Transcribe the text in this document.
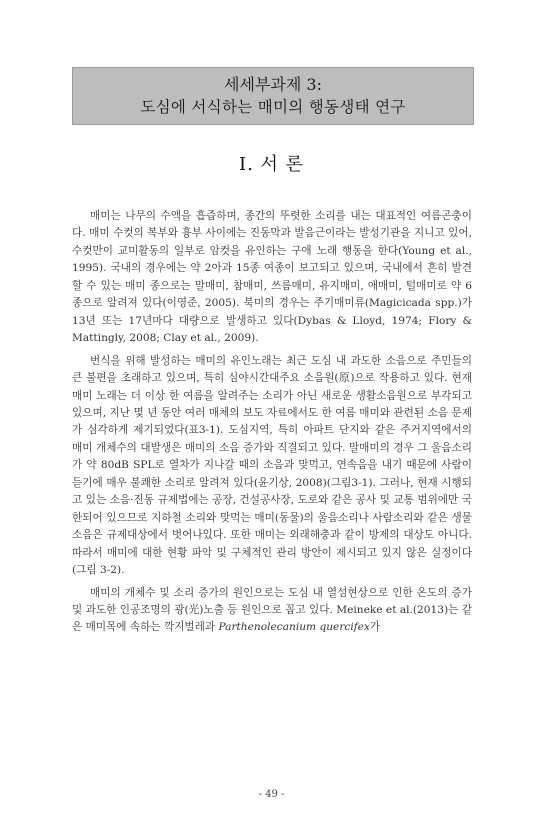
세세부과제 3:
도심에 서식하는 매미의 행동생태 연구
Ⅰ. 서 론

매미는 나무의 수액을 흡즙하며, 종간의 뚜렷한 소리를 내는 대표적인 여름곤충이다. 매미 수컷의 복부와 흉부 사이에는 진동막과 발음근이라는 발성기관을 지니고 있어, 수컷만이 교미활동의 일부로 암컷을 유인하는 구애 노래 행동을 한다(Young et al., 1995). 국내의 경우에는 약 2아과 15종 여종이 보고되고 있으며, 국내에서 흔히 발견할 수 있는 매미 종으로는 말매미, 참매미, 쓰름매미, 유지매미, 애매미, 털매미로 약 6종으로 알려져 있다(이영준, 2005). 북미의 경우는 주기매미류(Magicicada spp.)가 13년 또는 17년마다 대량으로 발생하고 있다(Dybas & Lloyd, 1974; Flory & Mattingly, 2008; Clay et al., 2009).

번식을 위해 발성하는 매미의 유인노래는 최근 도심 내 과도한 소음으로 주민들의 큰 불편을 초래하고 있으며, 특히 심야시간대주요 소음원(原)으로 작용하고 있다. 현재 매미 노래는 더 이상 한 여름을 알려주는 소리가 아닌 새로운 생활소음원으로 부각되고 있으며, 지난 몇 년 동안 여러 매체의 보도 자료에서도 한 여름 매미와 관련된 소음 문제가 심각하게 제기되었다(표3-1). 도심지역, 특히 아파트 단지와 같은 주거지역에서의 매미 개체수의 대발생은 매미의 소음 증가와 직결되고 있다. 말매미의 경우 그 울음소리가 약 80dB SPL로 열차가 지나갈 때의 소음과 맞먹고, 연속음을 내기 때문에 사람이 듣기에 매우 불쾌한 소리로 알려져 있다(윤기상, 2008)(그림3-1). 그러나, 현재 시행되고 있는 소음·진동 규제법에는 공장, 건설공사장, 도로와 같은 공사 및 교통 범위에만 국한되어 있으므로 지하철 소리와 맞먹는 매미(동물)의 울음소리나 사람소리와 같은 생물 소음은 규제대상에서 벗어나있다. 또한 매미는 외래해충과 같이 방제의 대상도 아니다. 따라서 매미에 대한 현황 파악 및 구체적인 관리 방안이 제시되고 있지 않은 실정이다(그림 3-2).

매미의 개체수 및 소리 증가의 원인으로는 도심 내 열섬현상으로 인한 온도의 증가 및 과도한 인공조명의 광(光)노출 등 원인으로 꼽고 있다. Meineke et al.(2013)는 같은 매미목에 속하는 깍지벌레과 Parthenolecanium quercifex가

- 49 -
